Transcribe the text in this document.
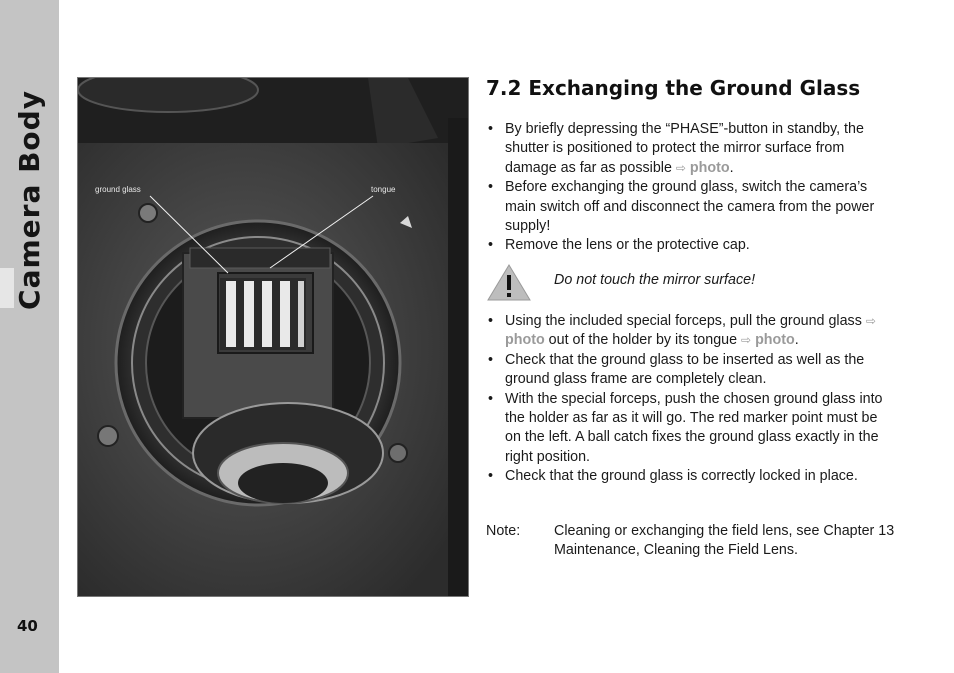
Camera Body
40
ground glass	tongue
7.2 Exchanging the Ground Glass
• By briefly depressing the “PHASE”-button in standby, the shutter is positioned to protect the mirror surface from damage as far as possible ⇨ photo.
• Before exchanging the ground glass, switch the camera’s main switch off and disconnect the camera from the power supply!
• Remove the lens or the protective cap.
Do not touch the mirror surface!
• Using the included special forceps, pull the ground glass ⇨ photo out of the holder by its tongue ⇨ photo.
• Check that the ground glass to be inserted as well as the ground glass frame are completely clean.
• With the special forceps, push the chosen ground glass into the holder as far as it will go. The red marker point must be on the left. A ball catch fixes the ground glass exactly in the right position.
• Check that the ground glass is correctly locked in place.
Note: Cleaning or exchanging the field lens, see Chapter 13 Maintenance, Cleaning the Field Lens.
